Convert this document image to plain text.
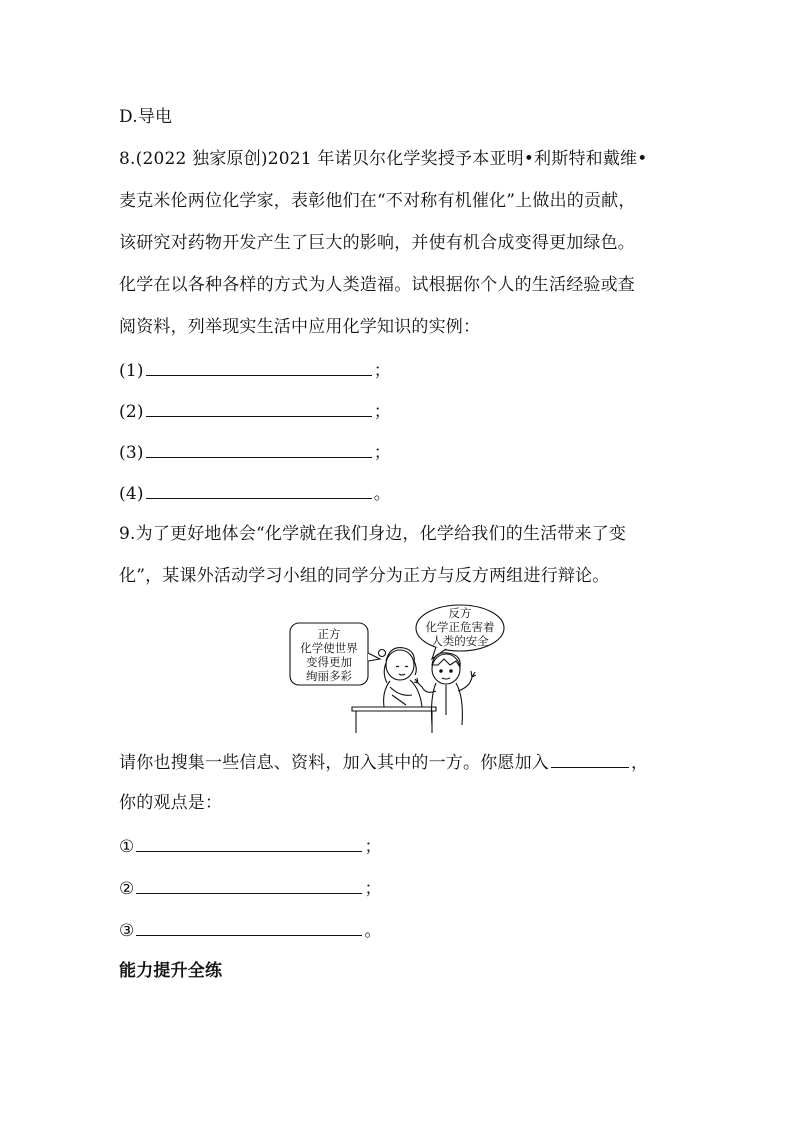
D.导电
8.(2022 独家原创)2021 年诺贝尔化学奖授予本亚明•利斯特和戴维•
麦克米伦两位化学家，表彰他们在“不对称有机催化”上做出的贡献，
该研究对药物开发产生了巨大的影响，并使有机合成变得更加绿色。
化学在以各种各样的方式为人类造福。试根据你个人的生活经验或查
阅资料，列举现实生活中应用化学知识的实例：
(1)	；
(2)	；
(3)	；
(4)	。
9.为了更好地体会“化学就在我们身边，化学给我们的生活带来了变
化”，某课外活动学习小组的同学分为正方与反方两组进行辩论。
正方
化学使世界
变得更加
绚丽多彩
反方
化学正危害着
人类的安全
请你也搜集一些信息、资料，加入其中的一方。你愿加入	，
你的观点是：
①	；
②	；
③	。
能力提升全练
